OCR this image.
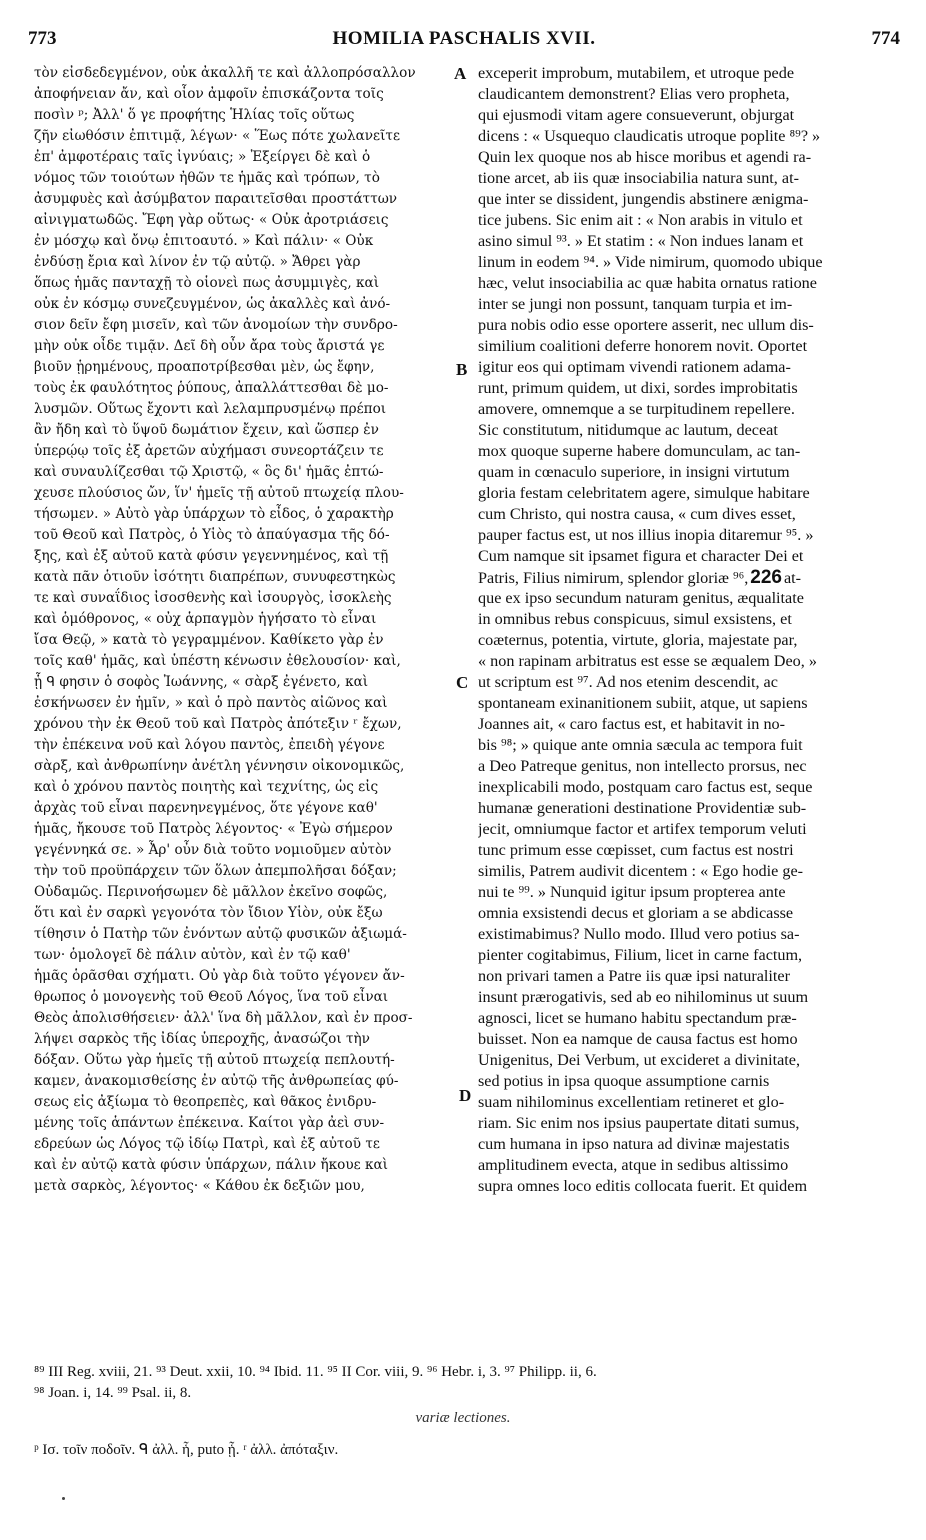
773	HOMILIA PASCHALIS XVII.	774

τὸν εἰσδεδεγμένον, οὐκ ἀκαλλῆ τε καὶ ἀλλοπρόσαλλον

ἀποφήνειαν ἄν, καὶ οἷον ἀμφοῖν ἐπισκάζοντα τοῖς

ποσὶν ᵖ; Ἀλλ' ὅ γε προφήτης Ἡλίας τοῖς οὕτως

ζῆν εἰωθόσιν ἐπιτιμᾷ, λέγων· « Ἕως πότε χωλανεῖτε

ἐπ' ἀμφοτέραις ταῖς ἰγνύαις; » Ἐξείργει δὲ καὶ ὁ

νόμος τῶν τοιούτων ἠθῶν τε ἡμᾶς καὶ τρόπων, τὸ

ἀσυμφυὲς καὶ ἀσύμβατον παραιτεῖσθαι προστάττων

αἰνιγματωδῶς. Ἔφη γὰρ οὕτως· « Οὐκ ἀροτριάσεις

ἐν μόσχῳ καὶ ὄνῳ ἐπιτοαυτό. » Καὶ πάλιν· « Οὐκ

ἐνδύσῃ ἔρια καὶ λίνον ἐν τῷ αὐτῷ. » Ἄθρει γὰρ

ὅπως ἡμᾶς πανταχῇ τὸ οἱονεὶ πως ἀσυμμιγὲς, καὶ

οὐκ ἐν κόσμῳ συνεζευγμένον, ὡς ἀκαλλὲς καὶ ἀνό-

σιον δεῖν ἔφη μισεῖν, καὶ τῶν ἀνομοίων τὴν συνδρο-

μὴν οὐκ οἶδε τιμᾷν. Δεῖ δὴ οὖν ἄρα τοὺς ἄριστά γε

βιοῦν ᾑρημένους, προαποτρίβεσθαι μὲν, ὡς ἔφην,

τοὺς ἐκ φαυλότητος ῥύπους, ἀπαλλάττεσθαι δὲ μο-

λυσμῶν. Οὕτως ἔχοντι καὶ λελαμπρυσμένῳ πρέποι

ἂν ἤδη καὶ τὸ ὕψοῦ δωμάτιον ἔχειν, καὶ ὥσπερ ἐν

ὑπερῴῳ τοῖς ἐξ ἀρετῶν αὐχήμασι συνεορτάζειν τε

καὶ συναυλίζεσθαι τῷ Χριστῷ, « ὃς δι' ἡμᾶς ἐπτώ-

χευσε πλούσιος ὤν, ἵν' ἡμεῖς τῇ αὐτοῦ πτωχείᾳ πλου-

τήσωμεν. » Αὐτὸ γὰρ ὑπάρχων τὸ εἶδος, ὁ χαρακτὴρ

τοῦ Θεοῦ καὶ Πατρὸς, ὁ Υἱὸς τὸ ἀπαύγασμα τῆς δό-

ξης, καὶ ἐξ αὐτοῦ κατὰ φύσιν γεγεννημένος, καὶ τῇ

κατὰ πᾶν ὁτιοῦν ἰσότητι διαπρέπων, συνυφεστηκὼς

τε καὶ συναΐδιος ἰσοσθενὴς καὶ ἰσουργὸς, ἰσοκλεὴς

καὶ ὁμόθρονος, « οὐχ ἁρπαγμὸν ἡγήσατο τὸ εἶναι

ἴσα Θεῷ, » κατὰ τὸ γεγραμμένον. Καθίκετο γὰρ ἐν

τοῖς καθ' ἡμᾶς, καὶ ὑπέστη κένωσιν ἐθελουσίον· καὶ,

ᾗ ᑫ φησιν ὁ σοφὸς Ἰωάννης, « σὰρξ ἐγένετο, καὶ

ἐσκήνωσεν ἐν ἡμῖν, » καὶ ὁ πρὸ παντὸς αἰῶνος καὶ

χρόνου τὴν ἐκ Θεοῦ τοῦ καὶ Πατρὸς ἀπότεξιν ʳ ἔχων,

τὴν ἐπέκεινα νοῦ καὶ λόγου παντὸς, ἐπειδὴ γέγονε

σὰρξ, καὶ ἀνθρωπίνην ἀνέτλη γέννησιν οἰκονομικῶς,

καὶ ὁ χρόνου παντὸς ποιητὴς καὶ τεχνίτης, ὡς εἰς

ἀρχὰς τοῦ εἶναι παρενηνεγμένος, ὅτε γέγονε καθ'

ἡμᾶς, ἤκουσε τοῦ Πατρὸς λέγοντος· « Ἐγὼ σήμερον

γεγέννηκά σε. » Ἆρ' οὖν διὰ τοῦτο νομιοῦμεν αὐτὸν

τὴν τοῦ προϋπάρχειν τῶν ὅλων ἀπεμπολῆσαι δόξαν;

Οὐδαμῶς. Περινοήσωμεν δὲ μᾶλλον ἐκεῖνο σοφῶς,

ὅτι καὶ ἐν σαρκὶ γεγονότα τὸν ἴδιον Υἱὸν, οὐκ ἔξω

τίθησιν ὁ Πατὴρ τῶν ἐνόντων αὐτῷ φυσικῶν ἀξιωμά-

των· ὁμολογεῖ δὲ πάλιν αὐτὸν, καὶ ἐν τῷ καθ'

ἡμᾶς ὁρᾶσθαι σχήματι. Οὐ γὰρ διὰ τοῦτο γέγονεν ἄν-

θρωπος ὁ μονογενὴς τοῦ Θεοῦ Λόγος, ἵνα τοῦ εἶναι

Θεὸς ἀπολισθήσειεν· ἀλλ' ἵνα δὴ μᾶλλον, καὶ ἐν προσ-

λήψει σαρκὸς τῆς ἰδίας ὑπεροχῆς, ἀνασώζοι τὴν

δόξαν. Οὕτω γὰρ ἡμεῖς τῇ αὐτοῦ πτωχείᾳ πεπλουτή-

καμεν, ἀνακομισθείσης ἐν αὐτῷ τῆς ἀνθρωπείας φύ-

σεως εἰς ἀξίωμα τὸ θεοπρεπὲς, καὶ θᾶκος ἐνιδρυ-

μένης τοῖς ἁπάντων ἐπέκεινα. Καίτοι γὰρ ἀεὶ συν-

εδρεύων ὡς Λόγος τῷ ἰδίῳ Πατρὶ, καὶ ἐξ αὐτοῦ τε

καὶ ἐν αὐτῷ κατὰ φύσιν ὑπάρχων, πάλιν ἤκουε καὶ

μετὰ σαρκὸς, λέγοντος· « Κάθου ἐκ δεξιῶν μου,

exceperit improbum, mutabilem, et utroque pede

claudicantem demonstrent? Elias vero propheta,

qui ejusmodi vitam agere consueverunt, objurgat

dicens : « Usquequo claudicatis utroque poplite ⁸⁹? »

Quin lex quoque nos ab hisce moribus et agendi ra-

tione arcet, ab iis quæ insociabilia natura sunt, at-

que inter se dissident, jungendis abstinere ænigma-

tice jubens. Sic enim ait : « Non arabis in vitulo et

asino simul ⁹³. » Et statim : « Non indues lanam et

linum in eodem ⁹⁴. » Vide nimirum, quomodo ubique

hæc, velut insociabilia ac quæ habita ornatus ratione

inter se jungi non possunt, tanquam turpia et im-

pura nobis odio esse oportere asserit, nec ullum dis-

similium coalitioni deferre honorem novit. Oportet

igitur eos qui optimam vivendi rationem adama-

runt, primum quidem, ut dixi, sordes improbitatis

amovere, omnemque a se turpitudinem repellere.

Sic constitutum, nitidumque ac lautum, deceat

mox quoque superne habere domunculam, ac tan-

quam in cœnaculo superiore, in insigni virtutum

gloria festam celebritatem agere, simulque habitare

cum Christo, qui nostra causa, « cum dives esset,

pauper factus est, ut nos illius inopia ditaremur ⁹⁵. »

Cum namque sit ipsamet figura et character Dei et

Patris, Filius nimirum, splendor gloriæ ⁹⁶, 226 at-

que ex ipso secundum naturam genitus, æqualitate

in omnibus rebus conspicuus, simul exsistens, et

coæternus, potentia, virtute, gloria, majestate par,

« non rapinam arbitratus est esse se æqualem Deo, »

ut scriptum est ⁹⁷. Ad nos etenim descendit, ac

spontaneam exinanitionem subiit, atque, ut sapiens

Joannes ait, « caro factus est, et habitavit in no-

bis ⁹⁸; » quique ante omnia sæcula ac tempora fuit

a Deo Patreque genitus, non intellecto prorsus, nec

inexplicabili modo, postquam caro factus est, seque

humanæ generationi destinatione Providentiæ sub-

jecit, omniumque factor et artifex temporum veluti

tunc primum esse cœpisset, cum factus est nostri

similis, Patrem audivit dicentem : « Ego hodie ge-

nui te ⁹⁹. » Nunquid igitur ipsum propterea ante

omnia exsistendi decus et gloriam a se abdicasse

existimabimus? Nullo modo. Illud vero potius sa-

pienter cogitabimus, Filium, licet in carne factum,

non privari tamen a Patre iis quæ ipsi naturaliter

insunt prærogativis, sed ab eo nihilominus ut suum

agnosci, licet se humano habitu spectandum præ-

buisset. Non ea namque de causa factus est homo

Unigenitus, Dei Verbum, ut excideret a divinitate,

sed potius in ipsa quoque assumptione carnis

suam nihilominus excellentiam retineret et glo-

riam. Sic enim nos ipsius paupertate ditati sumus,

cum humana in ipso natura ad divinæ majestatis

amplitudinem evecta, atque in sedibus altissimo

supra omnes loco editis collocata fuerit. Et quidem

A
B
C
D

⁸⁹ III Reg. xviii, 21. ⁹³ Deut. xxii, 10. ⁹⁴ Ibid. 11. ⁹⁵ II Cor. viii, 9. ⁹⁶ Hebr. i, 3. ⁹⁷ Philipp. ii, 6.

⁹⁸ Joan. i, 14. ⁹⁹ Psal. ii, 8.

variæ lectiones.

ᵖ Ισ. τοῖν ποδοῖν. ᑫ ἀλλ. ἧ, puto ᾗ. ʳ ἀλλ. ἀπόταξιν.
